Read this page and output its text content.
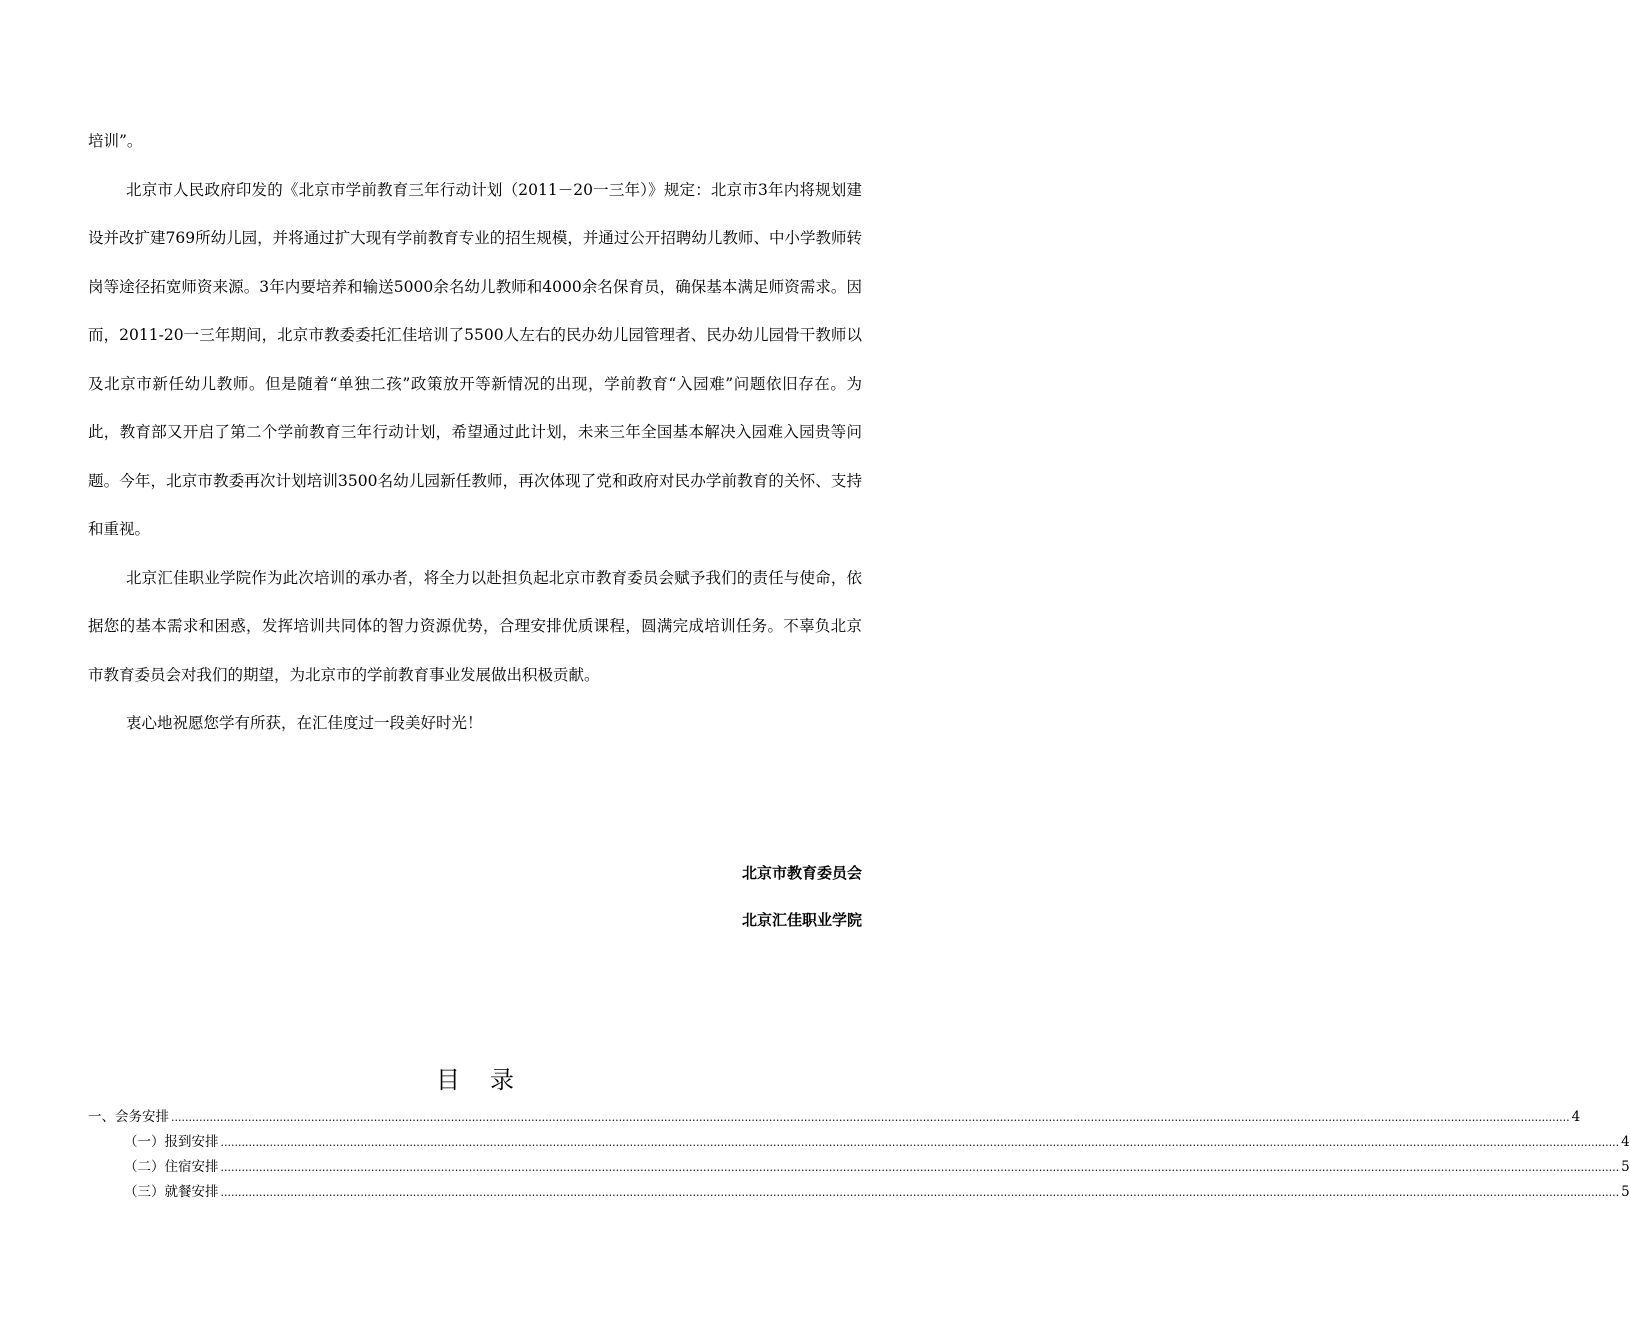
培训”。

北京市人民政府印发的《北京市学前教育三年行动计划（2011－20一三年）》规定：北京市3年内将规划建设并改扩建769所幼儿园，并将通过扩大现有学前教育专业的招生规模，并通过公开招聘幼儿教师、中小学教师转岗等途径拓宽师资来源。3年内要培养和输送5000余名幼儿教师和4000余名保育员，确保基本满足师资需求。因而，2011-20一三年期间，北京市教委委托汇佳培训了5500人左右的民办幼儿园管理者、民办幼儿园骨干教师以及北京市新任幼儿教师。但是随着“单独二孩”政策放开等新情况的出现，学前教育“入园难”问题依旧存在。为此，教育部又开启了第二个学前教育三年行动计划，希望通过此计划，未来三年全国基本解决入园难入园贵等问题。今年，北京市教委再次计划培训3500名幼儿园新任教师，再次体现了党和政府对民办学前教育的关怀、支持和重视。

北京汇佳职业学院作为此次培训的承办者，将全力以赴担负起北京市教育委员会赋予我们的责任与使命，依据您的基本需求和困惑，发挥培训共同体的智力资源优势，合理安排优质课程，圆满完成培训任务。不辜负北京市教育委员会对我们的期望，为北京市的学前教育事业发展做出积极贡献。

衷心地祝愿您学有所获，在汇佳度过一段美好时光！

北京市教育委员会
北京汇佳职业学院
目 录
一、会务安排 ................................................................................................................................................................................................................................................................................................................................................................................................................ 4
（一）报到安排 ................................................................................................................................................................................................................................................................................................................................................................................................................ 4
（二）住宿安排 ................................................................................................................................................................................................................................................................................................................................................................................................................ 5
（三）就餐安排 ................................................................................................................................................................................................................................................................................................................................................................................................................ 5
